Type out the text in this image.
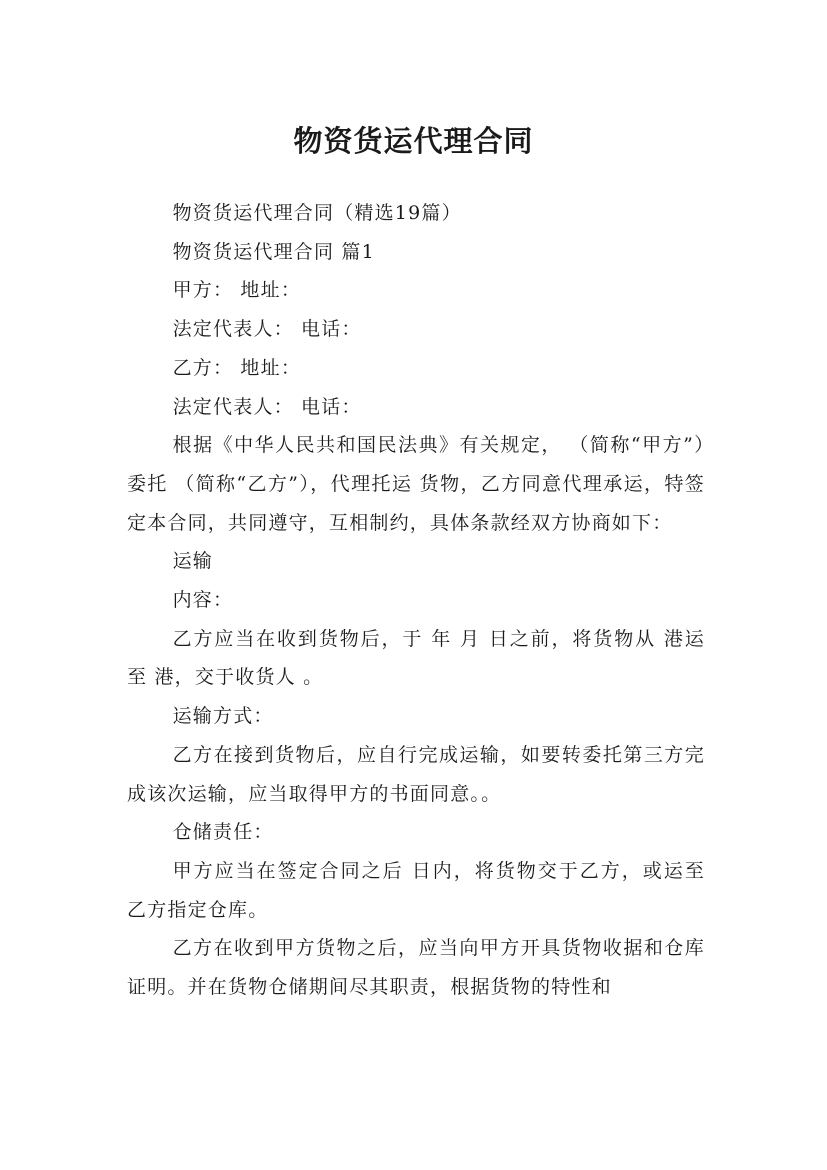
物资货运代理合同

物资货运代理合同（精选19篇）

物资货运代理合同 篇1

甲方： 地址：

法定代表人： 电话：

乙方： 地址：

法定代表人： 电话：

根据《中华人民共和国民法典》有关规定， （简称“甲方”）委托 （简称“乙方”），代理托运 货物，乙方同意代理承运，特签定本合同，共同遵守，互相制约，具体条款经双方协商如下：

运输

内容：

乙方应当在收到货物后，于 年 月 日之前，将货物从 港运至 港，交于收货人 。

运输方式：

乙方在接到货物后，应自行完成运输，如要转委托第三方完成该次运输，应当取得甲方的书面同意。。

仓储责任：

甲方应当在签定合同之后 日内，将货物交于乙方，或运至乙方指定仓库。

乙方在收到甲方货物之后，应当向甲方开具货物收据和仓库证明。并在货物仓储期间尽其职责，根据货物的特性和
